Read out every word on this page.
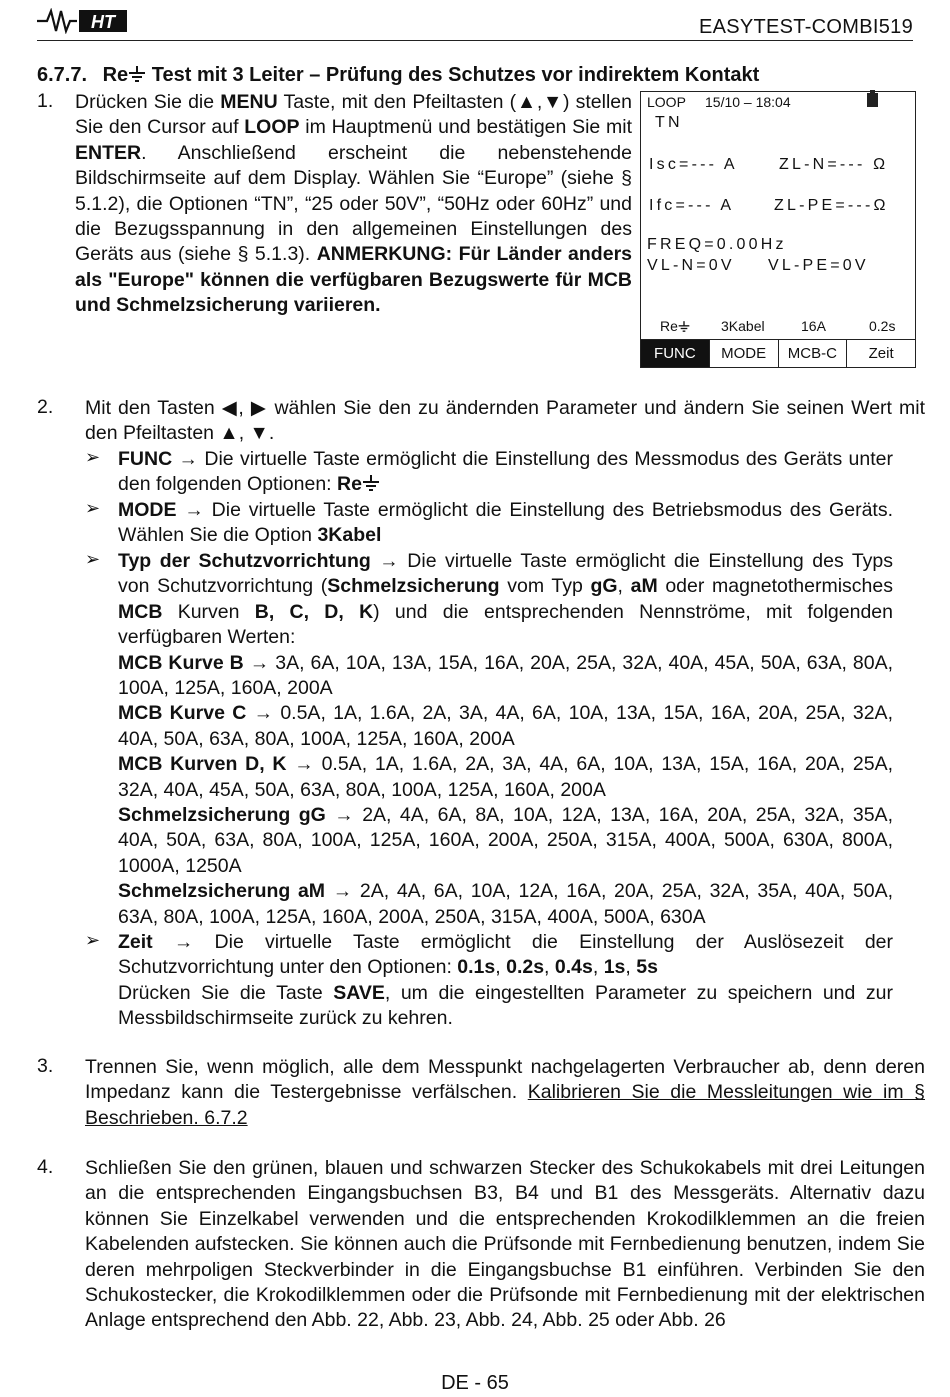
HT	EASYTEST-COMBI519
6.7.7. Re Test mit 3 Leiter – Prüfung des Schutzes vor indirektem Kontakt
1. Drücken Sie die MENU Taste, mit den Pfeiltasten (▲,▼) stellen Sie den Cursor auf LOOP im Hauptmenü und bestätigen Sie mit ENTER. Anschließend erscheint die nebenstehende Bildschirmseite auf dem Display. Wählen Sie “Europe” (siehe § 5.1.2), die Optionen “TN”, “25 oder 50V”, “50Hz oder 60Hz” und die Bezugsspannung in den allgemeinen Einstellungen des Geräts aus (siehe § 5.1.3). ANMERKUNG: Für Länder anders als "Europe" können die verfügbaren Bezugswerte für MCB und Schmelzsicherung variieren.
LOOP 15/10 – 18:04
TN
Isc=--- A	ZL-N=--- Ω
Ifc=--- A ZL-PE=---Ω
FREQ=0.00Hz
VL-N=0V VL-PE=0V
Re	3Kabel	16A	0.2s
FUNC	MODE	MCB-C	Zeit
2. Mit den Tasten ◀, ▶ wählen Sie den zu ändernden Parameter und ändern Sie seinen Wert mit den Pfeiltasten ▲, ▼.
➢ FUNC → Die virtuelle Taste ermöglicht die Einstellung des Messmodus des Geräts unter den folgenden Optionen: Re
➢ MODE → Die virtuelle Taste ermöglicht die Einstellung des Betriebsmodus des Geräts. Wählen Sie die Option 3Kabel
➢ Typ der Schutzvorrichtung → Die virtuelle Taste ermöglicht die Einstellung des Typs von Schutzvorrichtung (Schmelzsicherung vom Typ gG, aM oder magnetothermisches MCB Kurven B, C, D, K) und die entsprechenden Nennströme, mit folgenden verfügbaren Werten:
MCB Kurve B → 3A, 6A, 10A, 13A, 15A, 16A, 20A, 25A, 32A, 40A, 45A, 50A, 63A, 80A, 100A, 125A, 160A, 200A
MCB Kurve C → 0.5A, 1A, 1.6A, 2A, 3A, 4A, 6A, 10A, 13A, 15A, 16A, 20A, 25A, 32A, 40A, 50A, 63A, 80A, 100A, 125A, 160A, 200A
MCB Kurven D, K → 0.5A, 1A, 1.6A, 2A, 3A, 4A, 6A, 10A, 13A, 15A, 16A, 20A, 25A, 32A, 40A, 45A, 50A, 63A, 80A, 100A, 125A, 160A, 200A
Schmelzsicherung gG → 2A, 4A, 6A, 8A, 10A, 12A, 13A, 16A, 20A, 25A, 32A, 35A, 40A, 50A, 63A, 80A, 100A, 125A, 160A, 200A, 250A, 315A, 400A, 500A, 630A, 800A, 1000A, 1250A
Schmelzsicherung aM → 2A, 4A, 6A, 10A, 12A, 16A, 20A, 25A, 32A, 35A, 40A, 50A, 63A, 80A, 100A, 125A, 160A, 200A, 250A, 315A, 400A, 500A, 630A
➢ Zeit → Die virtuelle Taste ermöglicht die Einstellung der Auslösezeit der Schutzvorrichtung unter den Optionen: 0.1s, 0.2s, 0.4s, 1s, 5s
Drücken Sie die Taste SAVE, um die eingestellten Parameter zu speichern und zur Messbildschirmseite zurück zu kehren.
3. Trennen Sie, wenn möglich, alle dem Messpunkt nachgelagerten Verbraucher ab, denn deren Impedanz kann die Testergebnisse verfälschen. Kalibrieren Sie die Messleitungen wie im § Beschrieben. 6.7.2
4. Schließen Sie den grünen, blauen und schwarzen Stecker des Schukokabels mit drei Leitungen an die entsprechenden Eingangsbuchsen B3, B4 und B1 des Messgeräts. Alternativ dazu können Sie Einzelkabel verwenden und die entsprechenden Krokodilklemmen an die freien Kabelenden aufstecken. Sie können auch die Prüfsonde mit Fernbedienung benutzen, indem Sie deren mehrpoligen Steckverbinder in die Eingangsbuchse B1 einführen. Verbinden Sie den Schukostecker, die Krokodilklemmen oder die Prüfsonde mit Fernbedienung mit der elektrischen Anlage entsprechend den Abb. 22, Abb. 23, Abb. 24, Abb. 25 oder Abb. 26
DE - 65
